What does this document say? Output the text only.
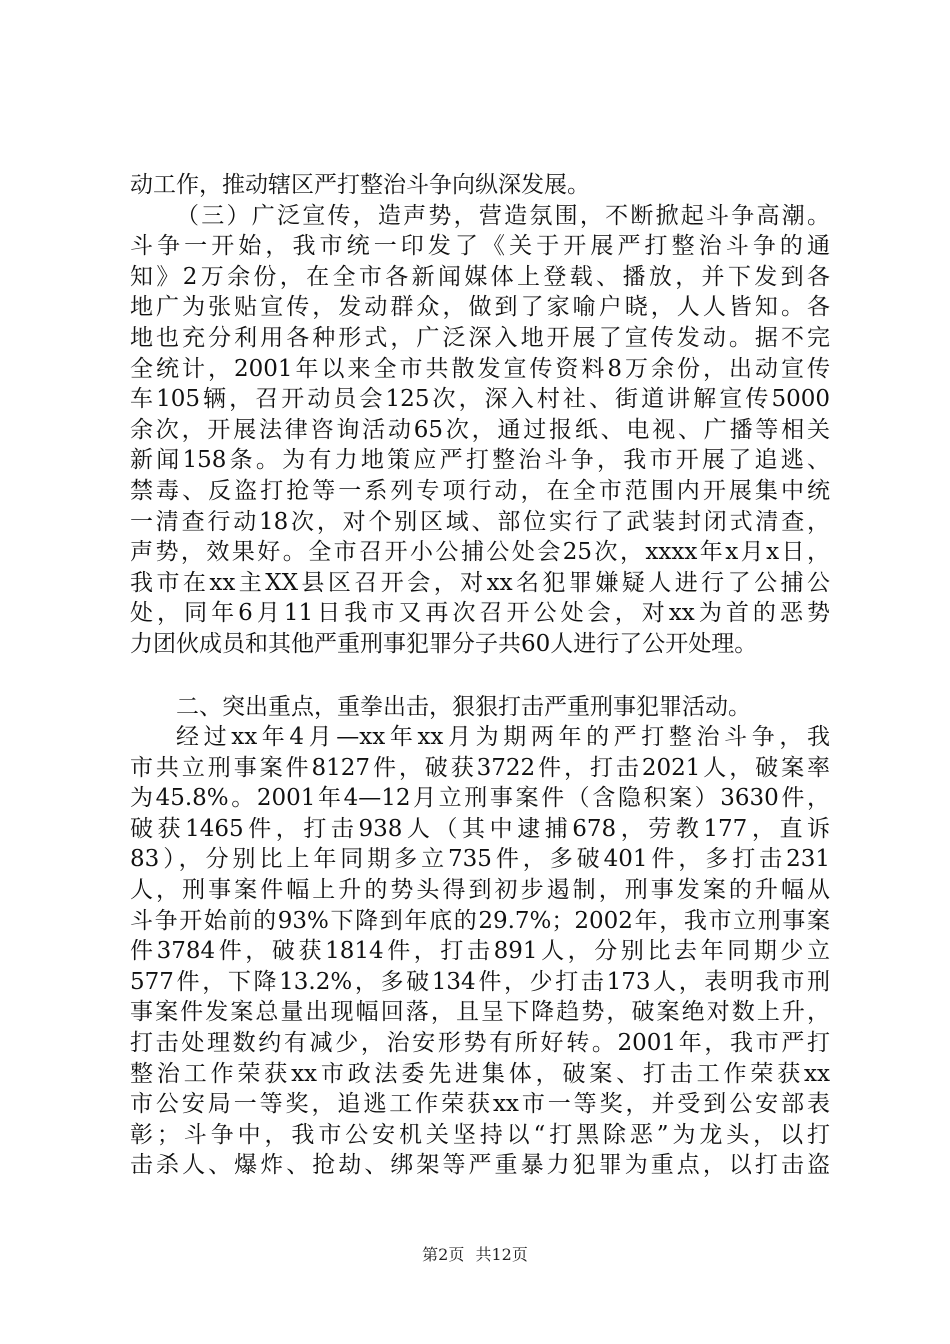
动工作，推动辖区严打整治斗争向纵深发展。
（三）广泛宣传，造声势，营造氛围，不断掀起斗争高潮。
斗争一开始，我市统一印发了《关于开展严打整治斗争的通
知》2万余份，在全市各新闻媒体上登载、播放，并下发到各
地广为张贴宣传，发动群众，做到了家喻户晓，人人皆知。各
地也充分利用各种形式，广泛深入地开展了宣传发动。据不完
全统计，2001年以来全市共散发宣传资料8万余份，出动宣传
车105辆，召开动员会125次，深入村社、街道讲解宣传5000
余次，开展法律咨询活动65次，通过报纸、电视、广播等相关
新闻158条。为有力地策应严打整治斗争，我市开展了追逃、
禁毒、反盗打抢等一系列专项行动，在全市范围内开展集中统
一清查行动18次，对个别区域、部位实行了武装封闭式清查，
声势，效果好。全市召开小公捕公处会25次，xxxx年x月x日，
我市在xx主XX县区召开会，对xx名犯罪嫌疑人进行了公捕公
处，同年6月11日我市又再次召开公处会，对xx为首的恶势
力团伙成员和其他严重刑事犯罪分子共60人进行了公开处理。
二、突出重点，重拳出击，狠狠打击严重刑事犯罪活动。
经过xx年4月—xx年xx月为期两年的严打整治斗争，我
市共立刑事案件8127件，破获3722件，打击2021人，破案率
为45.8%。2001年4—12月立刑事案件（含隐积案）3630件，
破获1465件，打击938人（其中逮捕678，劳教177，直诉
83），分别比上年同期多立735件，多破401件，多打击231
人，刑事案件幅上升的势头得到初步遏制，刑事发案的升幅从
斗争开始前的93%下降到年底的29.7%；2002年，我市立刑事案
件3784件，破获1814件，打击891人，分别比去年同期少立
577件，下降13.2%，多破134件，少打击173人，表明我市刑
事案件发案总量出现幅回落，且呈下降趋势，破案绝对数上升，
打击处理数约有减少，治安形势有所好转。2001年，我市严打
整治工作荣获xx市政法委先进集体，破案、打击工作荣获xx
市公安局一等奖，追逃工作荣获xx市一等奖，并受到公安部表
彰；斗争中，我市公安机关坚持以“打黑除恶”为龙头，以打
击杀人、爆炸、抢劫、绑架等严重暴力犯罪为重点，以打击盗
第2页 共12页
